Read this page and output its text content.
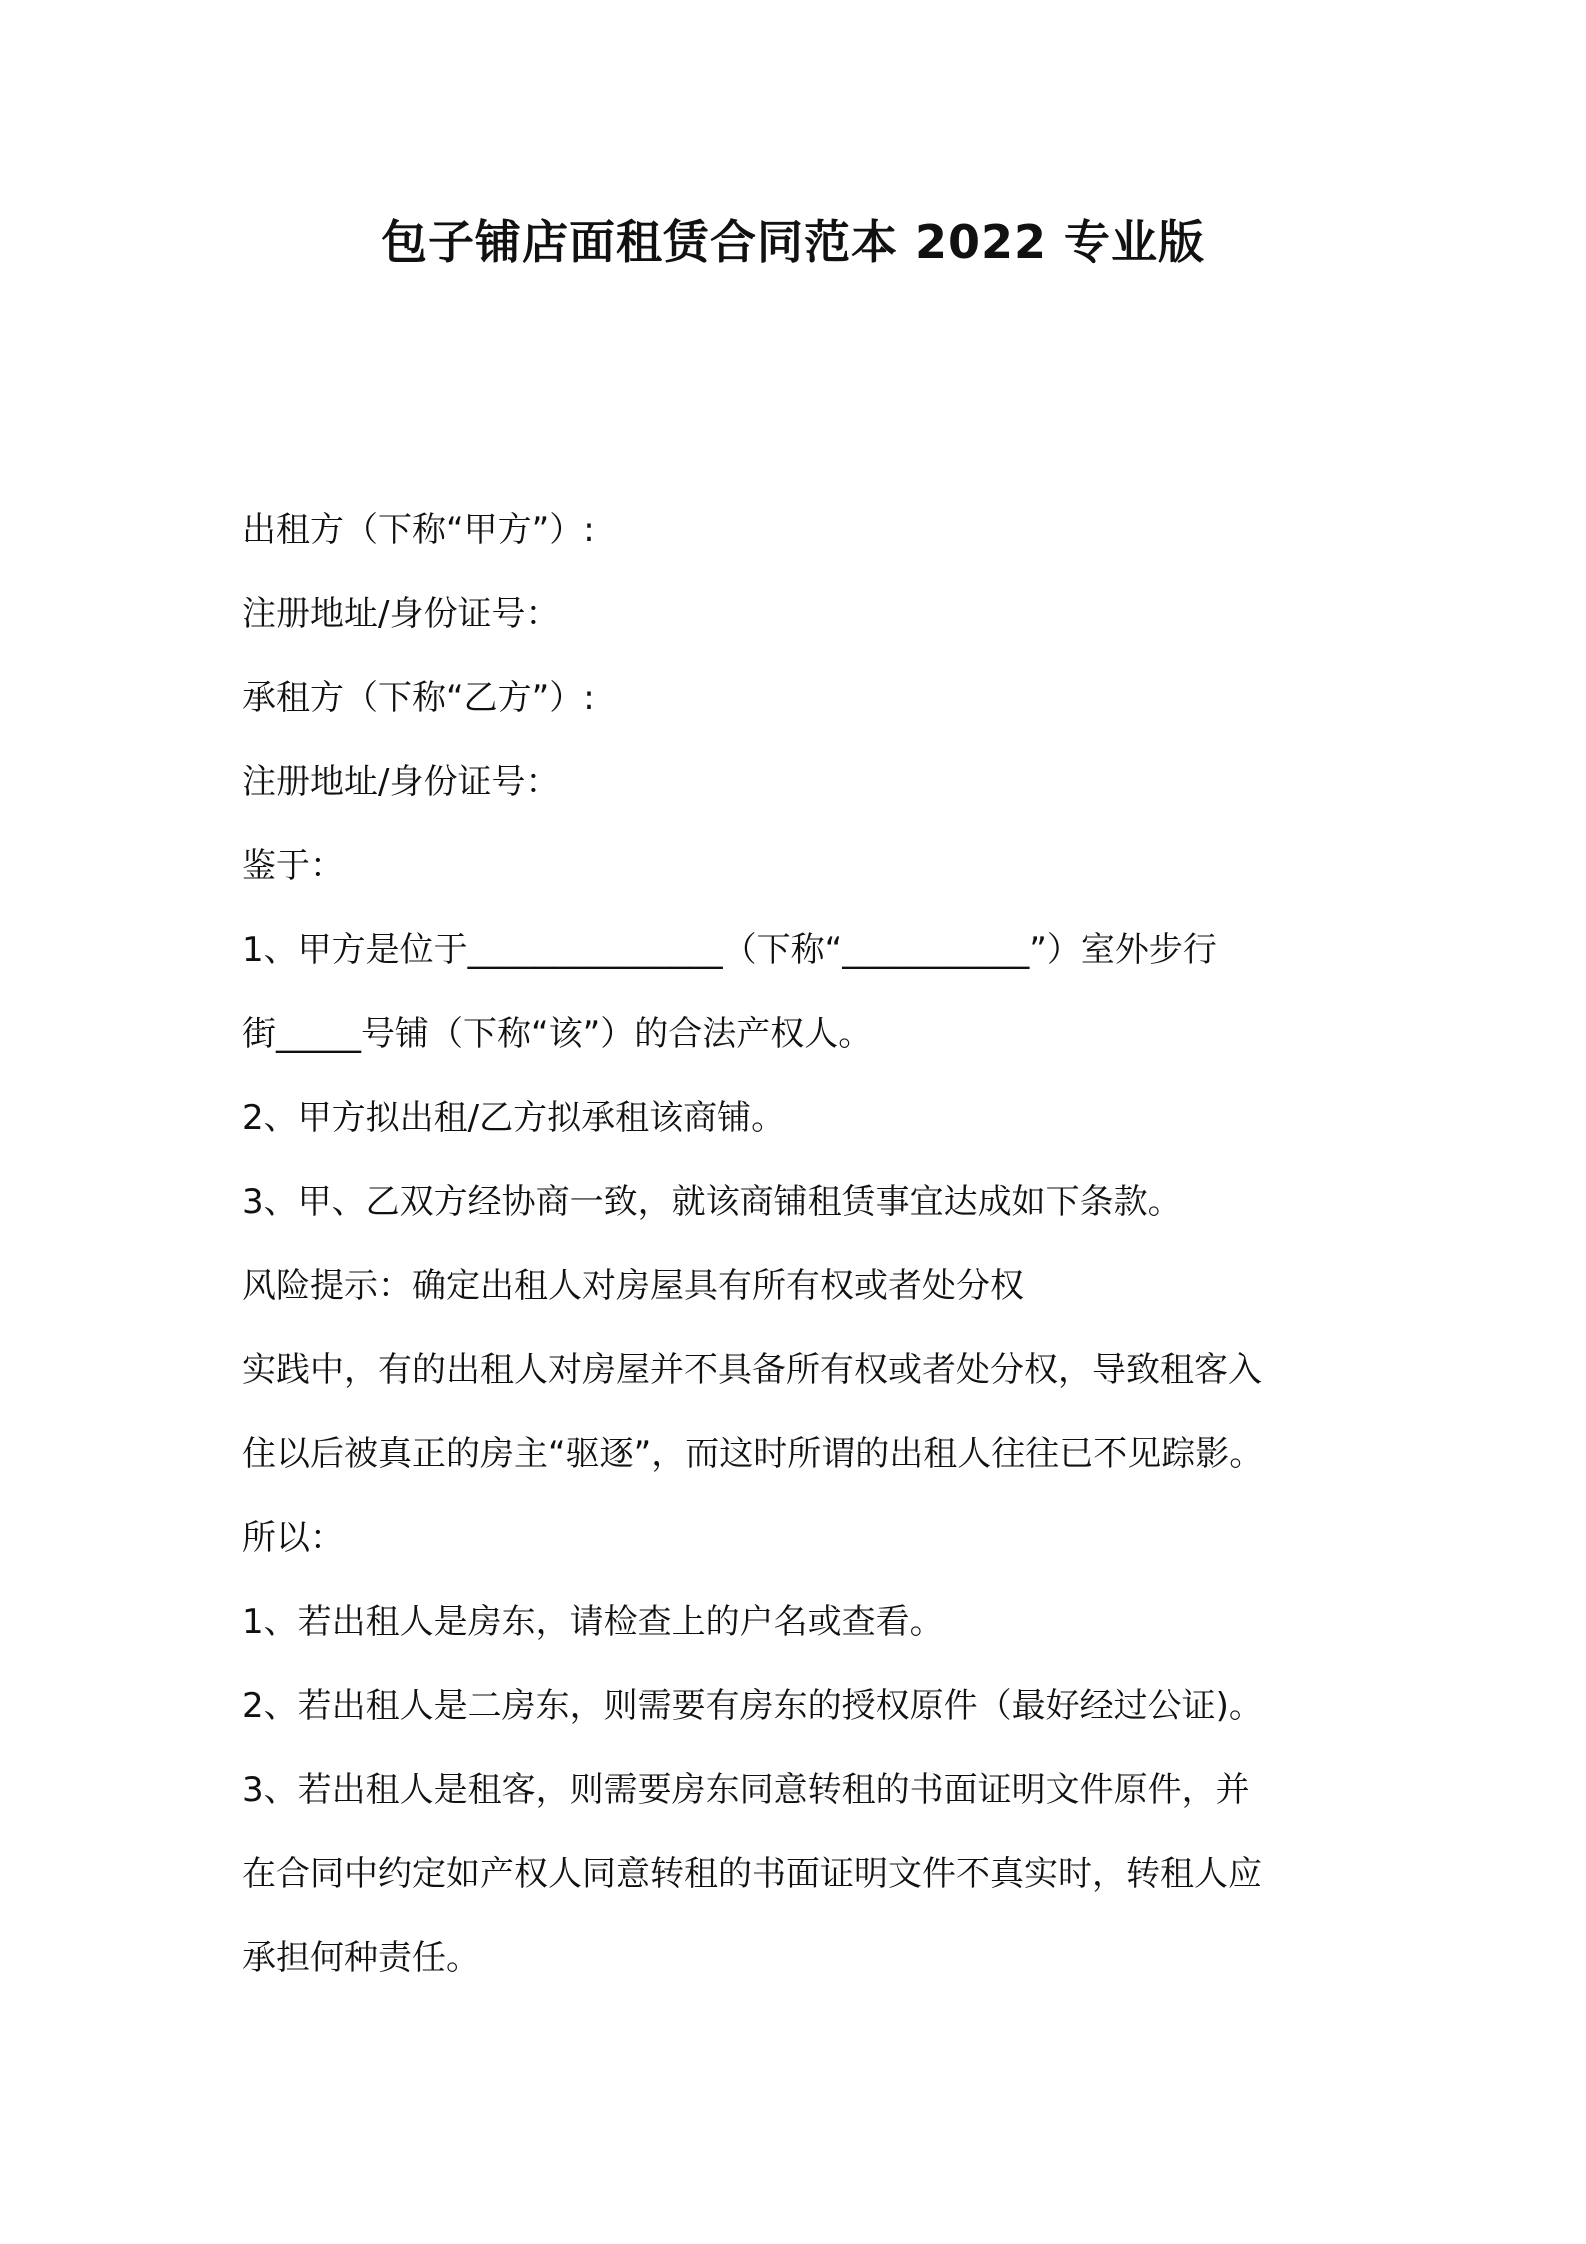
包子铺店面租赁合同范本 2022 专业版

出租方（下称“甲方”）:

注册地址/身份证号：

承租方（下称“乙方”）:

注册地址/身份证号：

鉴于：

1、甲方是位于_______________（下称“___________”）室外步行

街_____号铺（下称“该”）的合法产权人。

2、甲方拟出租/乙方拟承租该商铺。

3、甲、乙双方经协商一致，就该商铺租赁事宜达成如下条款。

风险提示：确定出租人对房屋具有所有权或者处分权

实践中，有的出租人对房屋并不具备所有权或者处分权，导致租客入

住以后被真正的房主“驱逐”，而这时所谓的出租人往往已不见踪影。

所以：

1、若出租人是房东，请检查上的户名或查看。

2、若出租人是二房东，则需要有房东的授权原件（最好经过公证)。

3、若出租人是租客，则需要房东同意转租的书面证明文件原件，并

在合同中约定如产权人同意转租的书面证明文件不真实时，转租人应

承担何种责任。
